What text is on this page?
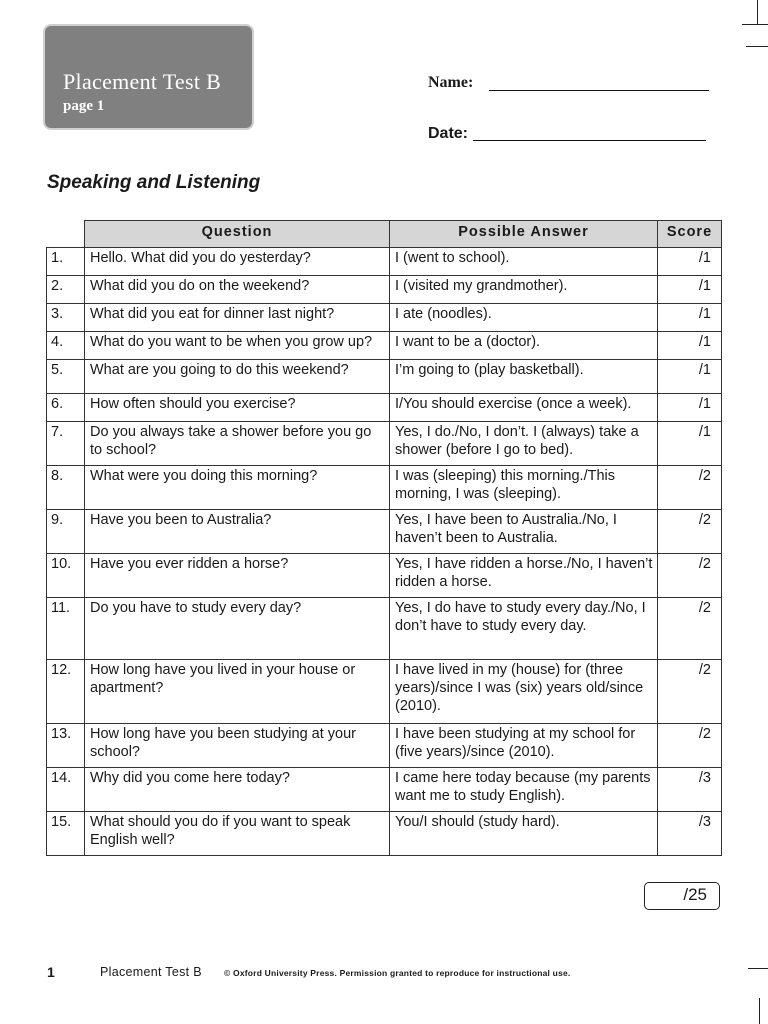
Placement Test B
page 1
Name:
Date:
Speaking and Listening
	Question	Possible Answer	Score
1.	Hello. What did you do yesterday?	I (went to school).	/1
2.	What did you do on the weekend?	I (visited my grandmother).	/1
3.	What did you eat for dinner last night?	I ate (noodles).	/1
4.	What do you want to be when you grow up?	I want to be a (doctor).	/1
5.	What are you going to do this weekend?	I’m going to (play basketball).	/1
6.	How often should you exercise?	I/You should exercise (once a week).	/1
7.	Do you always take a shower before you go to school?	Yes, I do./No, I don’t. I (always) take a shower (before I go to bed).	/1
8.	What were you doing this morning?	I was (sleeping) this morning./This morning, I was (sleeping).	/2
9.	Have you been to Australia?	Yes, I have been to Australia./No, I haven’t been to Australia.	/2
10.	Have you ever ridden a horse?	Yes, I have ridden a horse./No, I haven’t ridden a horse.	/2
11.	Do you have to study every day?	Yes, I do have to study every day./No, I don’t have to study every day.	/2
12.	How long have you lived in your house or apartment?	I have lived in my (house) for (three years)/since I was (six) years old/since (2010).	/2
13.	How long have you been studying at your school?	I have been studying at my school for (five years)/since (2010).	/2
14.	Why did you come here today?	I came here today because (my parents want me to study English).	/3
15.	What should you do if you want to speak English well?	You/I should (study hard).	/3
/25
1	Placement Test B	© Oxford University Press. Permission granted to reproduce for instructional use.
